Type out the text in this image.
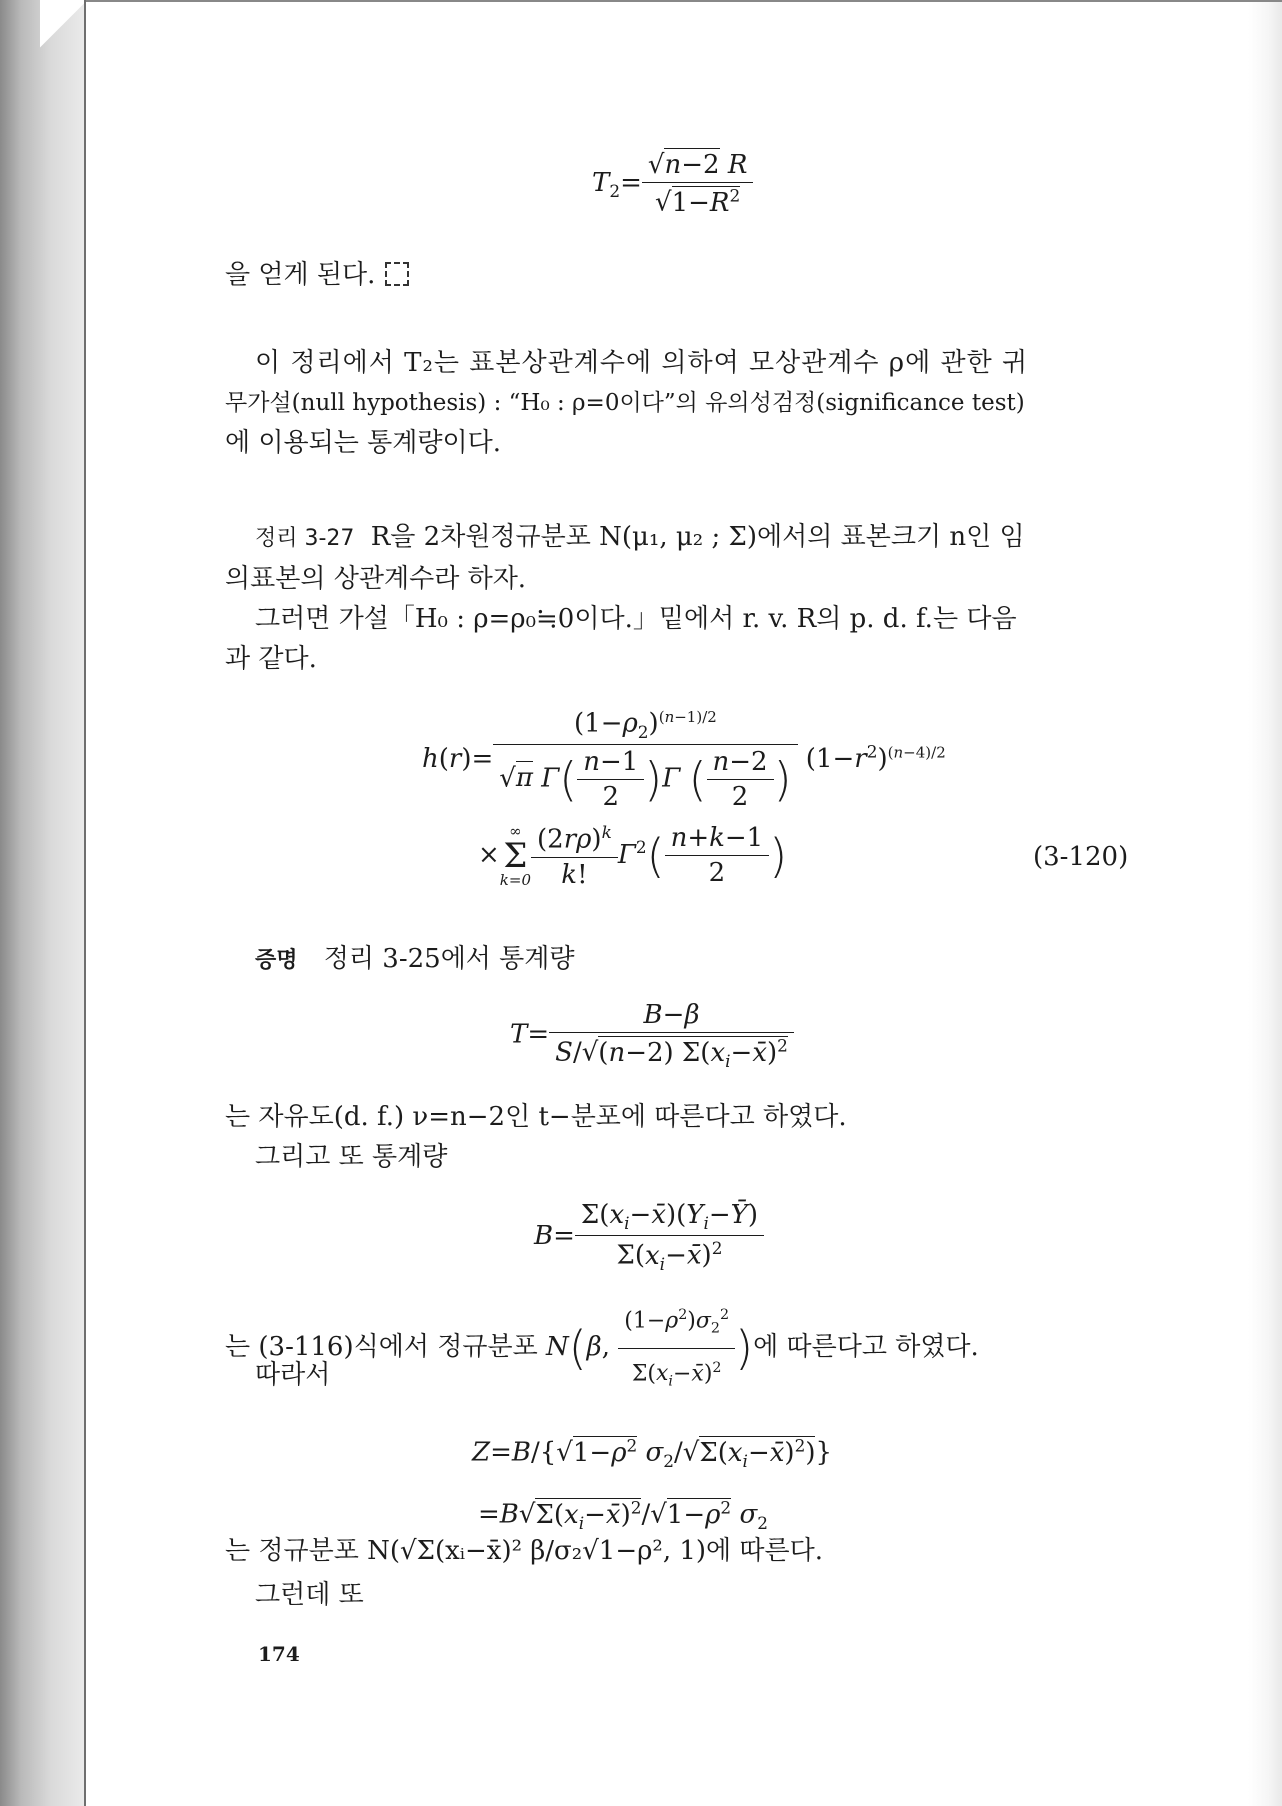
$T_2= \frac{√n-2 R}{√1-R^2}$
을 얻게 된다.
이 정리에서 T₂는 표본상관계수에 의하여 모상관계수 ρ에 관한 귀
무가설(null hypothesis) : “H₀ : ρ=0이다”의 유의성검정(significance test)
에 이용되는 통계량이다.
정리 3-27 R을 2차원정규분포 N(μ₁, μ₂ ; Σ)에서의 표본크기 n인 임
의표본의 상관계수라 하자.
그러면 가설「H₀ : ρ=ρ₀≒0이다.」밑에서 r. v. R의 p. d. f.는 다음
과 같다.
$h(r)= \frac{(1-\rho_2)^{(n-1)/2}}{√\pi \Gamma( \frac{n-1}{2} )\Gamma ( \frac{n-2}{2} )} (1-r^2)^{(n-4)/2}$
×
∞
Σ
$k=0 \frac{(2r\rho)^k}{k!} \Gamma^2( \frac{n+k-1}{2}$ )	(3-120)
증명 정리 3-25에서 통계량
$T= \frac{B-\beta}{S/√(n-2) \Sigma(x_i-x̄)^2}$
는 자유도(d. f.) ν=n−2인 t−분포에 따른다고 하였다.
그리고 또 통계량
$B= \frac{\Sigma(x_i-x̄)(Y_i-Ȳ)}{\Sigma(x_i-x̄)^2}$
는 (3-116)식에서 정규분포 N(β, $\frac{(1-\rho^2)\sigma_2^2}{\Sigma(x_i-x̄)^2}$ )에 따른다고 하였다.
따라서
$Z=B/\{√1-\rho^2$ $\sigma_2/√\Sigma(x_i-x̄)^2$)}
$=B√\Sigma(x_i-x̄)^2/√1-\rho^2$ $\sigma_2$
는 정규분포 N(√Σ(xᵢ−x̄)² β/σ₂√1−ρ², 1)에 따른다.
그런데 또
174
